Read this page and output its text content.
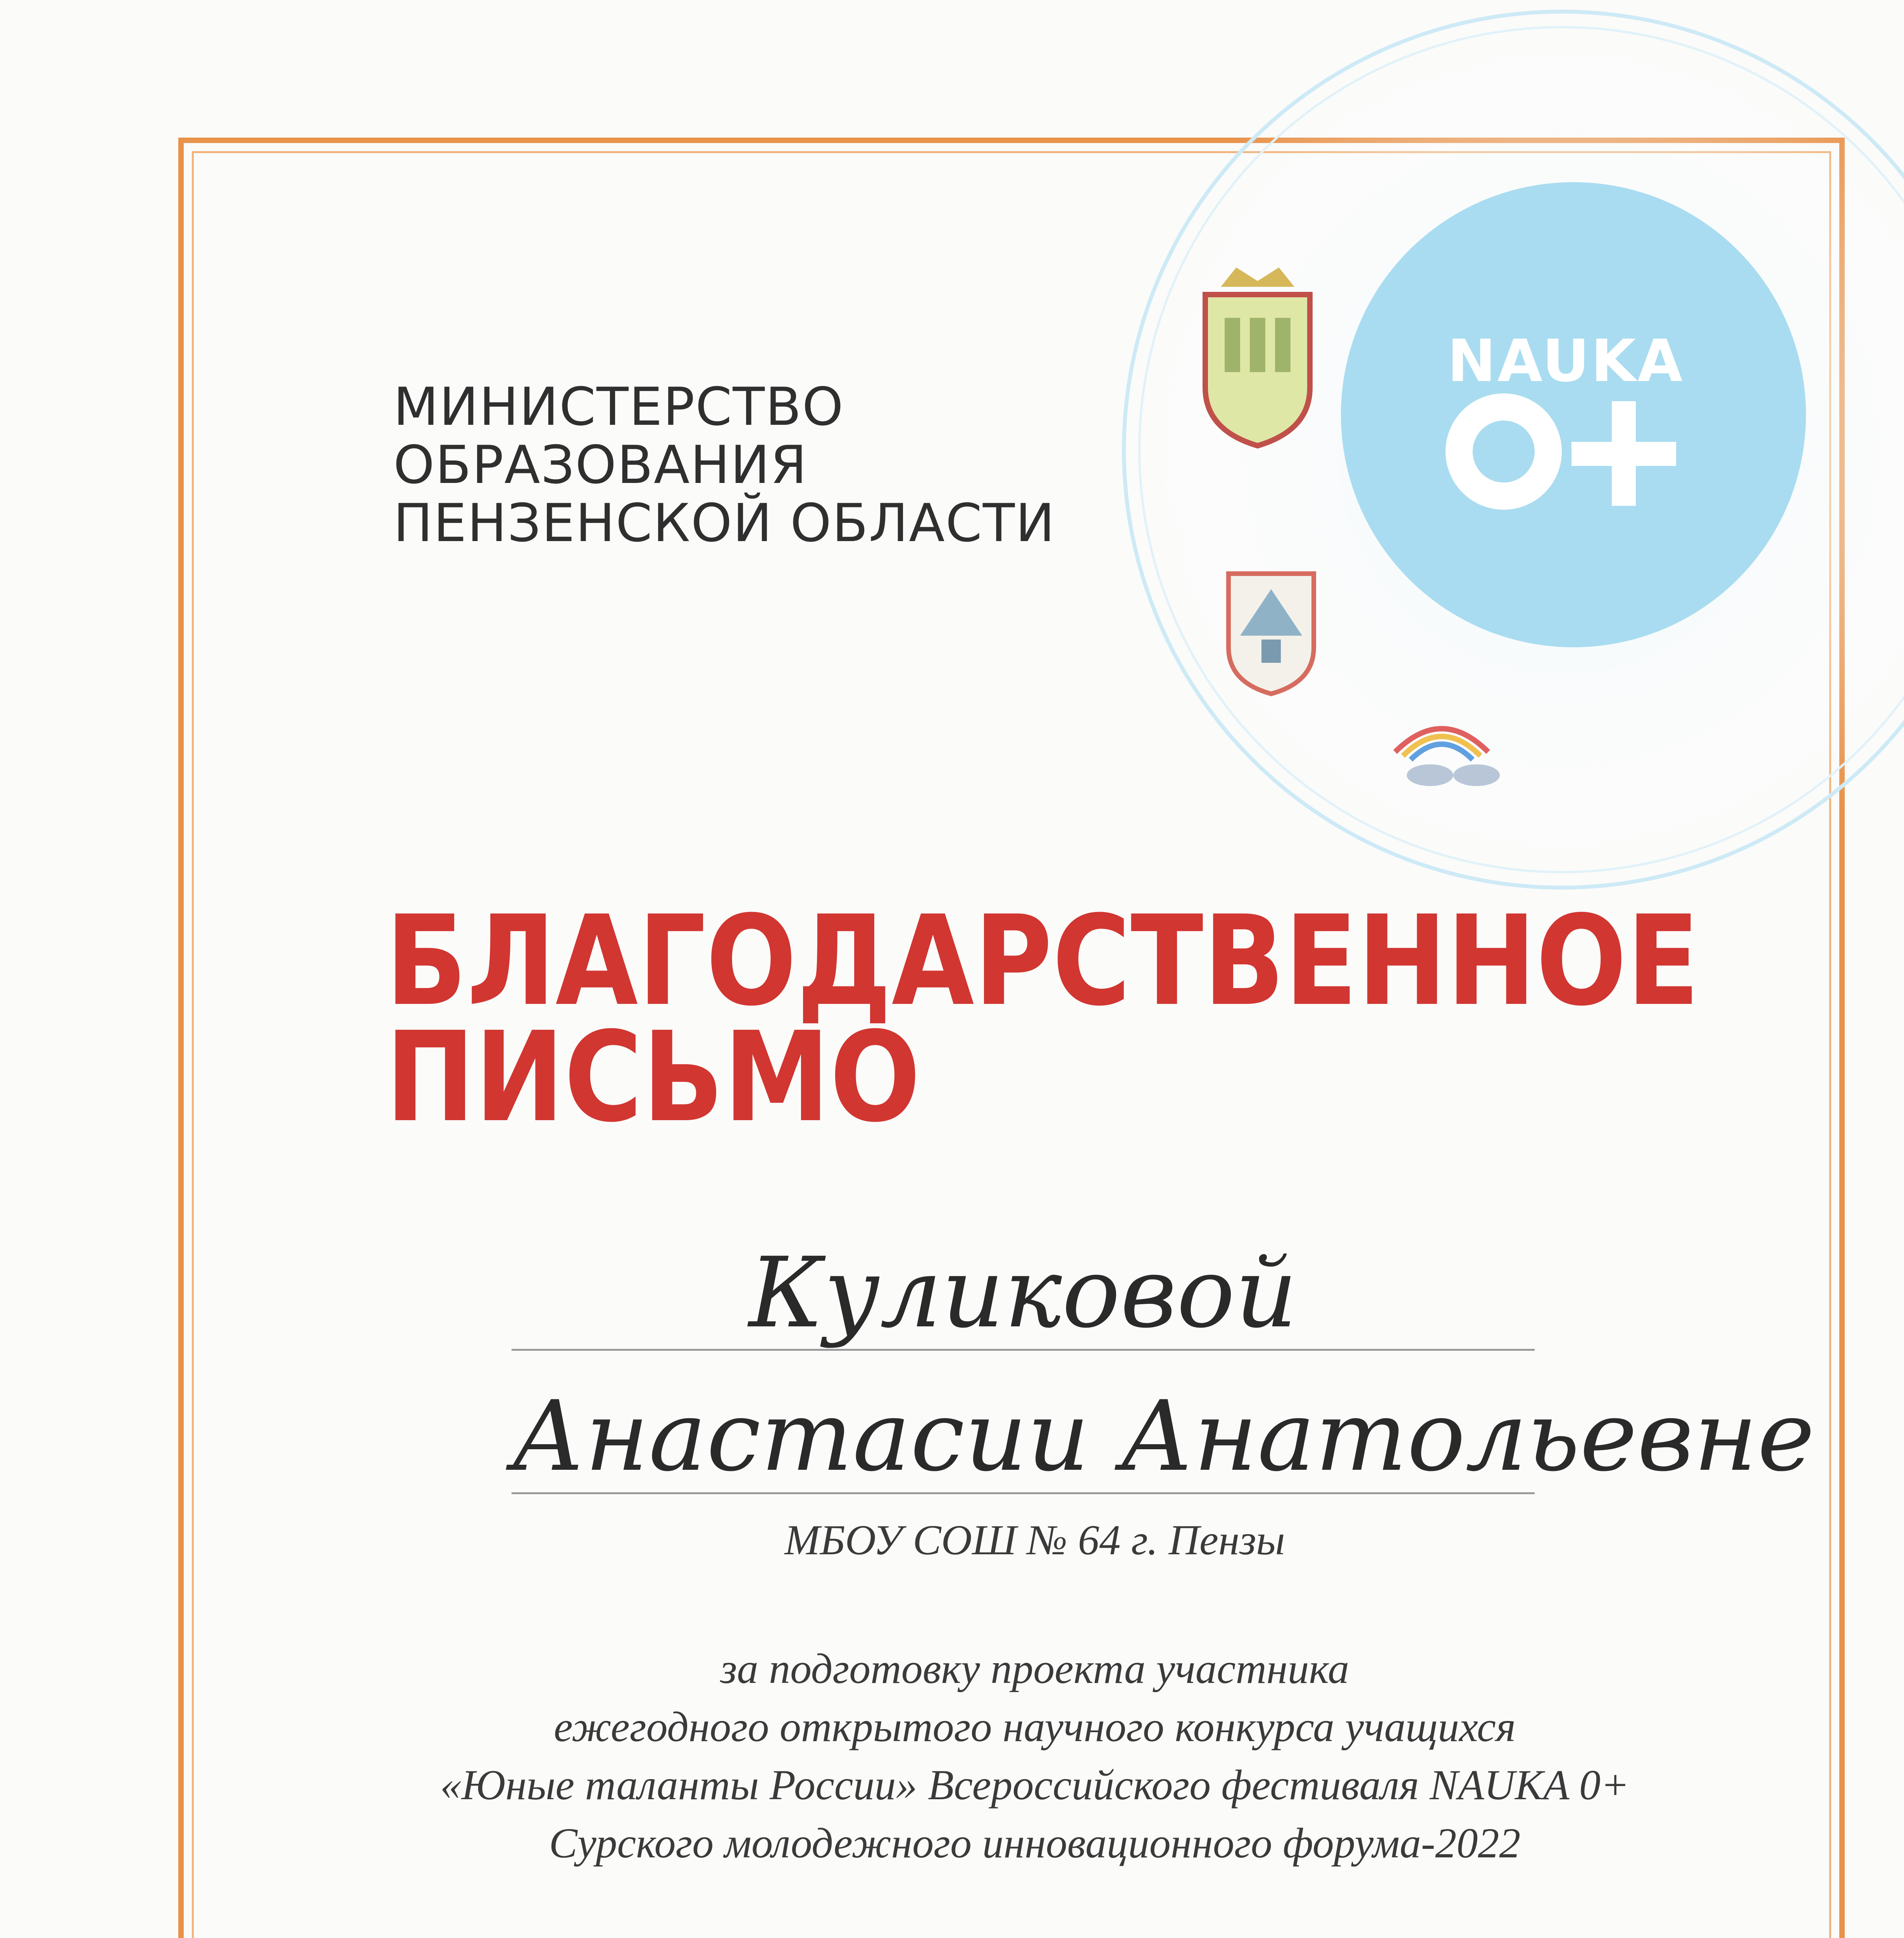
NAUKA
МИНИСТЕРСТВО
ОБРАЗОВАНИЯ
ПЕНЗЕНСКОЙ ОБЛАСТИ
БЛАГОДАРСТВЕННОЕ
ПИСЬМО
Куликовой
Анастасии Анатольевне
МБОУ СОШ № 64 г. Пензы
за подготовку проекта участника
ежегодного открытого научного конкурса учащихся
«Юные таланты России» Всероссийского фестиваля NAUKA 0+
Сурского молодежного инновационного форума-2022
